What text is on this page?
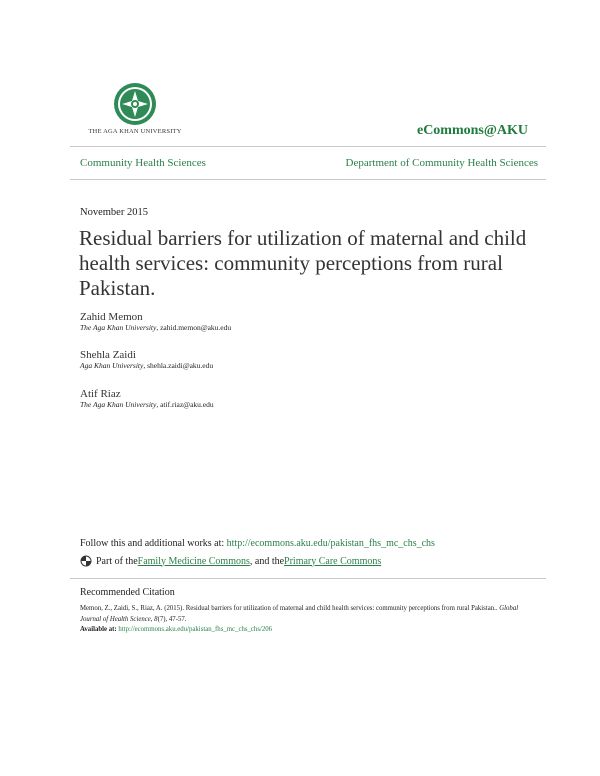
THE AGA KHAN UNIVERSITY	eCommons@AKU
Community Health Sciences	Department of Community Health Sciences
November 2015
Residual barriers for utilization of maternal and child health services: community perceptions from rural Pakistan.
Zahid Memon
The Aga Khan University, zahid.memon@aku.edu
Shehla Zaidi
Aga Khan University, shehla.zaidi@aku.edu
Atif Riaz
The Aga Khan University, atif.riaz@aku.edu
Follow this and additional works at: http://ecommons.aku.edu/pakistan_fhs_mc_chs_chs
Part of the Family Medicine Commons , and the Primary Care Commons
Recommended Citation
Memon, Z., Zaidi, S., Riaz, A. (2015). Residual barriers for utilization of maternal and child health services: community perceptions from rural Pakistan.. Global Journal of Health Science, 8(7), 47-57.
Available at: http://ecommons.aku.edu/pakistan_fhs_mc_chs_chs/206
